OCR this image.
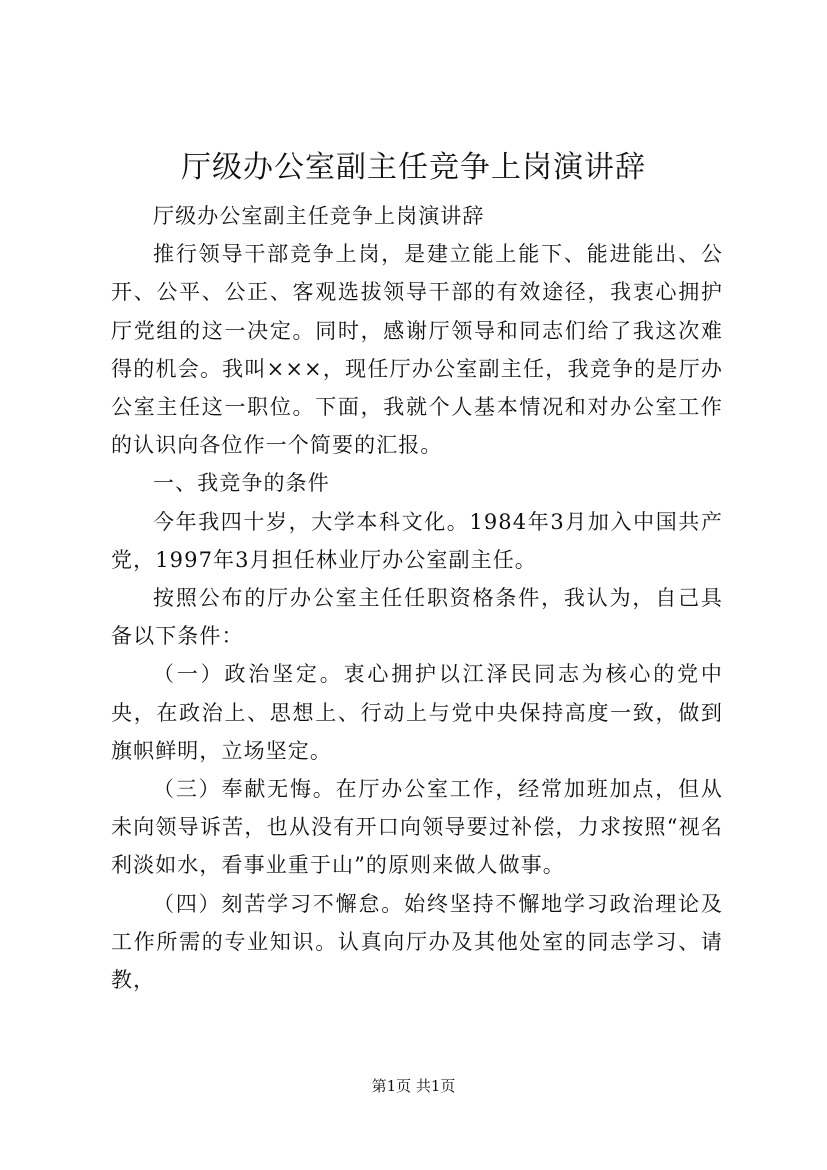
厅级办公室副主任竞争上岗演讲辞

厅级办公室副主任竞争上岗演讲辞

推行领导干部竞争上岗，是建立能上能下、能进能出、公开、公平、公正、客观选拔领导干部的有效途径，我衷心拥护厅党组的这一决定。同时，感谢厅领导和同志们给了我这次难得的机会。我叫×××，现任厅办公室副主任，我竞争的是厅办公室主任这一职位。下面，我就个人基本情况和对办公室工作的认识向各位作一个简要的汇报。

一、我竞争的条件

今年我四十岁，大学本科文化。1984年3月加入中国共产党，1997年3月担任林业厅办公室副主任。

按照公布的厅办公室主任任职资格条件，我认为，自己具备以下条件：

（一）政治坚定。衷心拥护以江泽民同志为核心的党中央，在政治上、思想上、行动上与党中央保持高度一致，做到旗帜鲜明，立场坚定。

（三）奉献无悔。在厅办公室工作，经常加班加点，但从未向领导诉苦，也从没有开口向领导要过补偿，力求按照“视名利淡如水，看事业重于山”的原则来做人做事。

（四）刻苦学习不懈怠。始终坚持不懈地学习政治理论及工作所需的专业知识。认真向厅办及其他处室的同志学习、请教，

第1页 共1页
